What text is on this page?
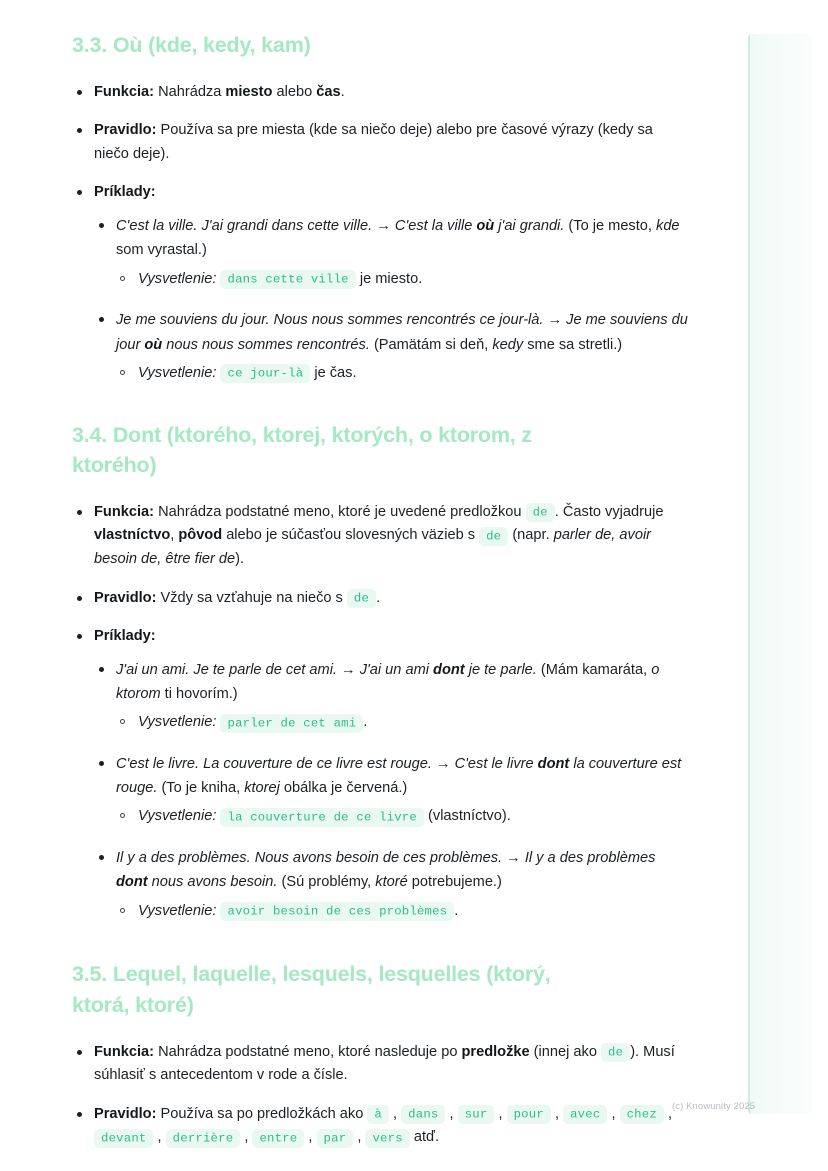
3.3. Où (kde, kedy, kam)
Funkcia: Nahrádza miesto alebo čas.
Pravidlo: Používa sa pre miesta (kde sa niečo deje) alebo pre časové výrazy (kedy sa niečo deje).
Príklady:
C'est la ville. J'ai grandi dans cette ville. → C'est la ville où j'ai grandi. (To je mesto, kde som vyrastal.)
Vysvetlenie: dans cette ville je miesto.
Je me souviens du jour. Nous nous sommes rencontrés ce jour-là. → Je me souviens du jour où nous nous sommes rencontrés. (Pamätám si deň, kedy sme sa stretli.)
Vysvetlenie: ce jour-là je čas.
3.4. Dont (ktorého, ktorej, ktorých, o ktorom, z ktorého)
Funkcia: Nahrádza podstatné meno, ktoré je uvedené predložkou de . Často vyjadruje vlastníctvo, pôvod alebo je súčasťou slovesných väzieb s de (napr. parler de, avoir besoin de, être fier de).
Pravidlo: Vždy sa vzťahuje na niečo s de .
Príklady:
J'ai un ami. Je te parle de cet ami. → J'ai un ami dont je te parle. (Mám kamaráta, o ktorom ti hovorím.)
Vysvetlenie: parler de cet ami .
C'est le livre. La couverture de ce livre est rouge. → C'est le livre dont la couverture est rouge. (To je kniha, ktorej obálka je červená.)
Vysvetlenie: la couverture de ce livre (vlastníctvo).
Il y a des problèmes. Nous avons besoin de ces problèmes. → Il y a des problèmes dont nous avons besoin. (Sú problémy, ktoré potrebujeme.)
Vysvetlenie: avoir besoin de ces problèmes .
3.5. Lequel, laquelle, lesquels, lesquelles (ktorý, ktorá, ktoré)
Funkcia: Nahrádza podstatné meno, ktoré nasleduje po predložke (innej ako de ). Musí súhlasiť s antecedentom v rode a čísle.
Pravidlo: Používa sa po predložkách ako à , dans , sur , pour , avec , chez , devant , derrière , entre , par , vers atď.
(c) Knowunity 2025
